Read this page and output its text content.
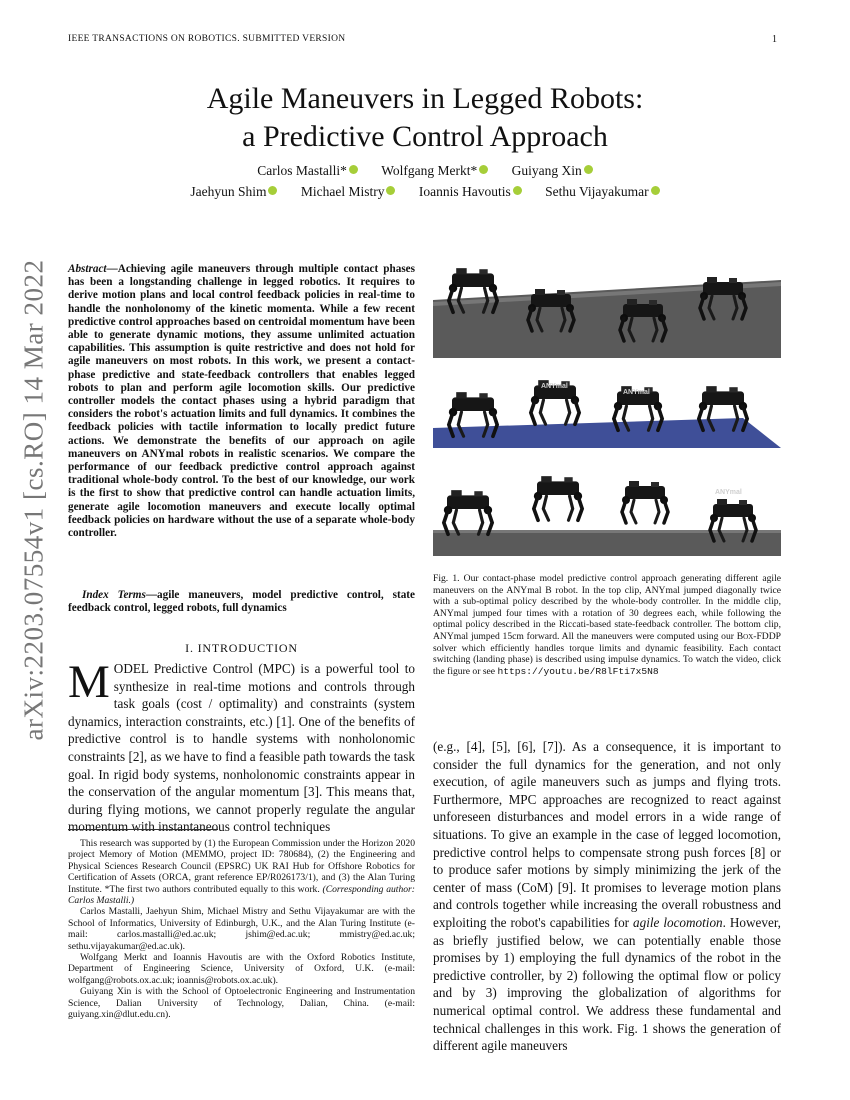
IEEE TRANSACTIONS ON ROBOTICS. SUBMITTED VERSION	1
arXiv:2203.07554v1 [cs.RO] 14 Mar 2022
Agile Maneuvers in Legged Robots:
a Predictive Control Approach
Carlos Mastalli*	Wolfgang Merkt*	Guiyang Xin
Jaehyun Shim	Michael Mistry	Ioannis Havoutis	Sethu Vijayakumar
Abstract—Achieving agile maneuvers through multiple contact phases has been a longstanding challenge in legged robotics. It requires to derive motion plans and local control feedback policies in real-time to handle the nonholonomy of the kinetic momenta. While a few recent predictive control approaches based on centroidal momentum have been able to generate dynamic motions, they assume unlimited actuation capabilities. This assumption is quite restrictive and does not hold for agile maneuvers on most robots. In this work, we present a contact-phase predictive and state-feedback controllers that enables legged robots to plan and perform agile locomotion skills. Our predictive controller models the contact phases using a hybrid paradigm that considers the robot's actuation limits and full dynamics. It combines the feedback policies with tactile information to locally predict future actions. We demonstrate the benefits of our approach on agile maneuvers on ANYmal robots in realistic scenarios. We compare the performance of our feedback predictive control approach against traditional whole-body control. To the best of our knowledge, our work is the first to show that predictive control can handle actuation limits, generate agile locomotion maneuvers and execute locally optimal feedback policies on hardware without the use of a separate whole-body controller.
Index Terms—agile maneuvers, model predictive control, state feedback control, legged robots, full dynamics
I. INTRODUCTION
MODEL Predictive Control (MPC) is a powerful tool to synthesize in real-time motions and controls through task goals (cost / optimality) and constraints (system dynamics, interaction constraints, etc.) [1]. One of the benefits of predictive control is to handle systems with nonholonomic constraints [2], as we have to find a feasible path towards the task goal. In rigid body systems, nonholonomic constraints appear in the conservation of the angular momentum [3]. This means that, during flying motions, we cannot properly regulate the angular momentum with instantaneous control techniques

This research was supported by (1) the European Commission under the Horizon 2020 project Memory of Motion (MEMMO, project ID: 780684), (2) the Engineering and Physical Sciences Research Council (EPSRC) UK RAI Hub for Offshore Robotics for Certification of Assets (ORCA, grant reference EP/R026173/1), and (3) the Alan Turing Institute. *The first two authors contributed equally to this work. (Corresponding author: Carlos Mastalli.)

Carlos Mastalli, Jaehyun Shim, Michael Mistry and Sethu Vijayakumar are with the School of Informatics, University of Edinburgh, U.K., and the Alan Turing Institute (e-mail: carlos.mastalli@ed.ac.uk; jshim@ed.ac.uk; mmistry@ed.ac.uk; sethu.vijayakumar@ed.ac.uk).

Wolfgang Merkt and Ioannis Havoutis are with the Oxford Robotics Institute, Department of Engineering Science, University of Oxford, U.K. (e-mail: wolfgang@robots.ox.ac.uk; ioannis@robots.ox.ac.uk).

Guiyang Xin is with the School of Optoelectronic Engineering and Instrumentation Science, Dalian University of Technology, Dalian, China. (e-mail: guiyang.xin@dlut.edu.cn).

ANYmal
ANYmal
ANYmal
Fig. 1. Our contact-phase model predictive control approach generating different agile maneuvers on the ANYmal B robot. In the top clip, ANYmal jumped diagonally twice with a sub-optimal policy described by the whole-body controller. In the middle clip, ANYmal jumped four times with a rotation of 30 degrees each, while following the optimal policy described in the Riccati-based state-feedback controller. The bottom clip, ANYmal jumped 15cm forward. All the maneuvers were computed using our Box-FDDP solver which efficiently handles torque limits and dynamic feasibility. Each contact switching (landing phase) is described using impulse dynamics. To watch the video, click the figure or see https://youtu.be/R8lFti7x5N8
(e.g., [4], [5], [6], [7]). As a consequence, it is important to consider the full dynamics for the generation, and not only execution, of agile maneuvers such as jumps and flying trots. Furthermore, MPC approaches are recognized to react against unforeseen disturbances and model errors in a wide range of situations. To give an example in the case of legged locomotion, predictive control helps to compensate strong push forces [8] or to produce safer motions by simply minimizing the jerk of the center of mass (CoM) [9]. It promises to leverage motion plans and controls together while increasing the overall robustness and exploiting the robot's capabilities for agile locomotion. However, as briefly justified below, we can potentially enable those promises by 1) employing the full dynamics of the robot in the predictive controller, by 2) following the optimal flow or policy and by 3) improving the globalization of algorithms for numerical optimal control. We address these fundamental and technical challenges in this work. Fig. 1 shows the generation of different agile maneuvers
